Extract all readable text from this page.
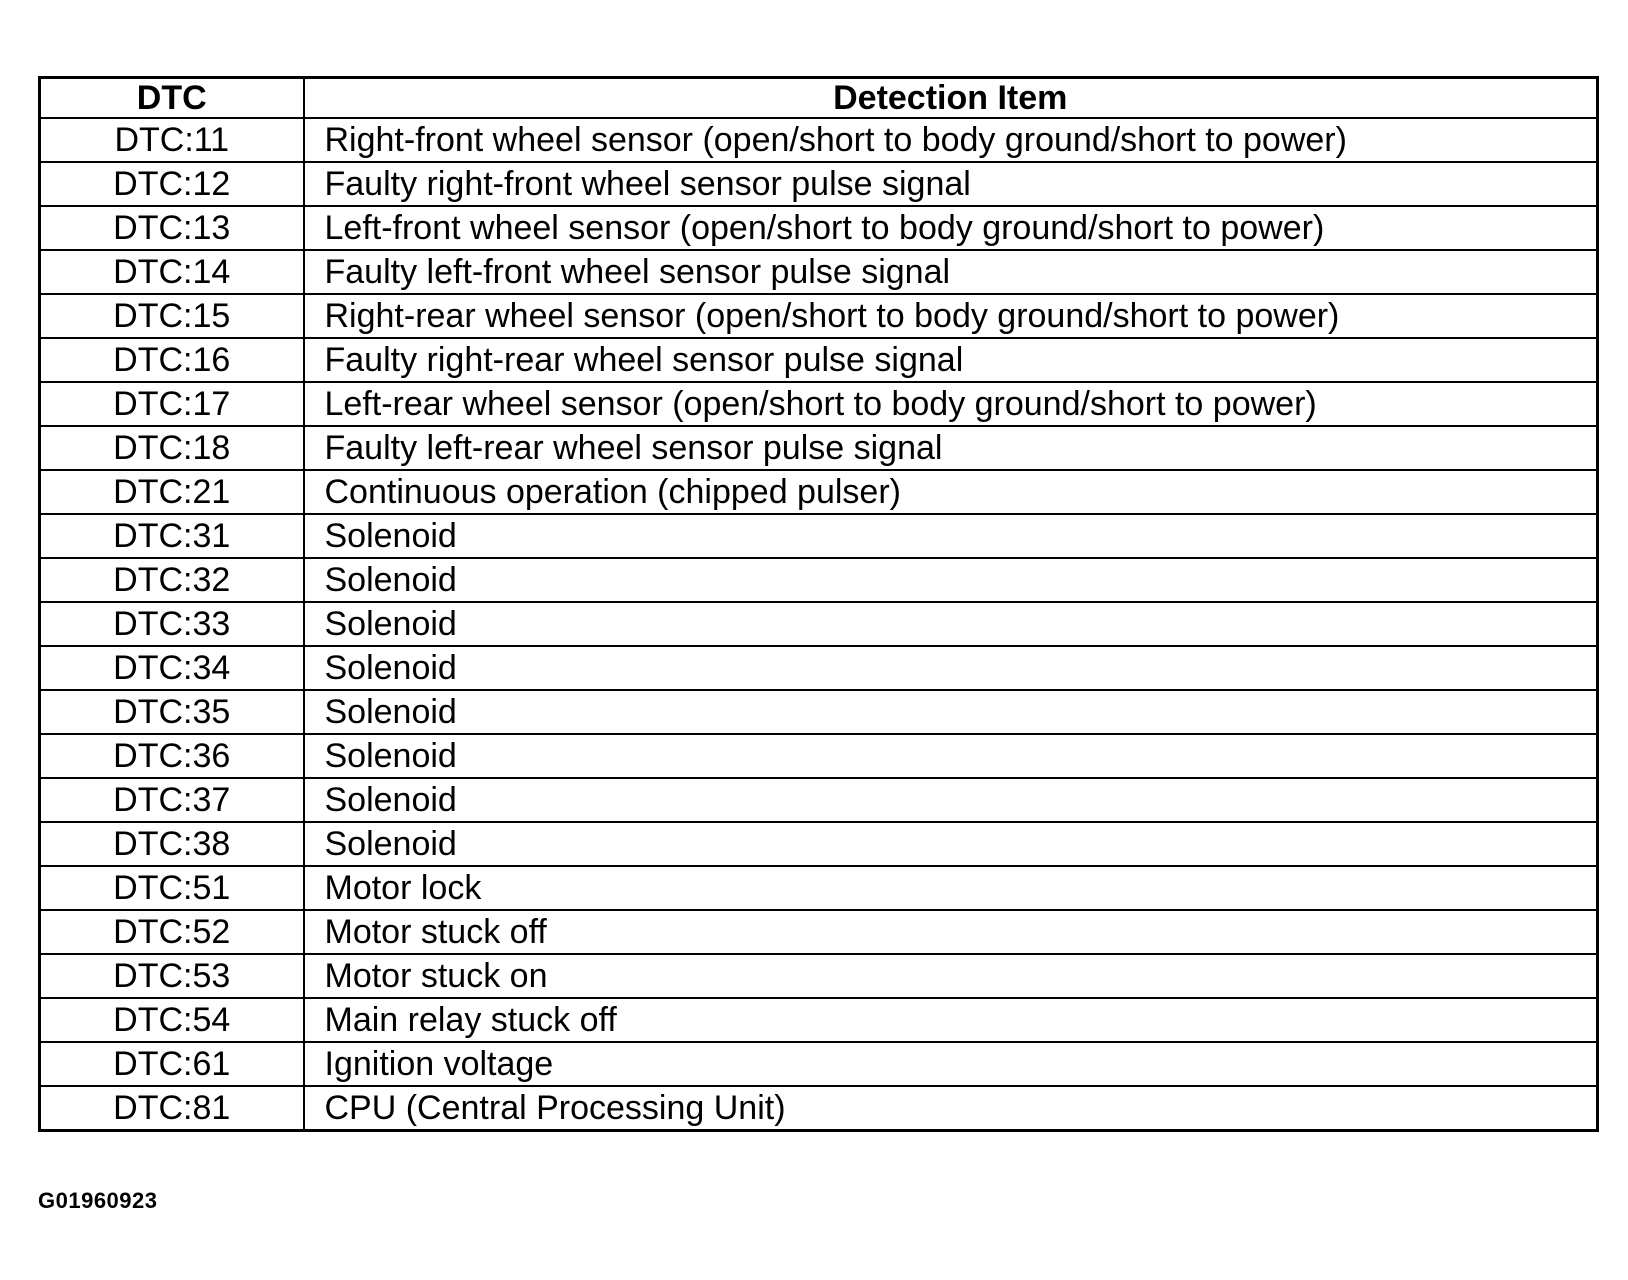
DTC	Detection Item
DTC:11	Right-front wheel sensor (open/short to body ground/short to power)
DTC:12	Faulty right-front wheel sensor pulse signal
DTC:13	Left-front wheel sensor (open/short to body ground/short to power)
DTC:14	Faulty left-front wheel sensor pulse signal
DTC:15	Right-rear wheel sensor (open/short to body ground/short to power)
DTC:16	Faulty right-rear wheel sensor pulse signal
DTC:17	Left-rear wheel sensor (open/short to body ground/short to power)
DTC:18	Faulty left-rear wheel sensor pulse signal
DTC:21	Continuous operation (chipped pulser)
DTC:31	Solenoid
DTC:32	Solenoid
DTC:33	Solenoid
DTC:34	Solenoid
DTC:35	Solenoid
DTC:36	Solenoid
DTC:37	Solenoid
DTC:38	Solenoid
DTC:51	Motor lock
DTC:52	Motor stuck off
DTC:53	Motor stuck on
DTC:54	Main relay stuck off
DTC:61	Ignition voltage
DTC:81	CPU (Central Processing Unit)
G01960923
